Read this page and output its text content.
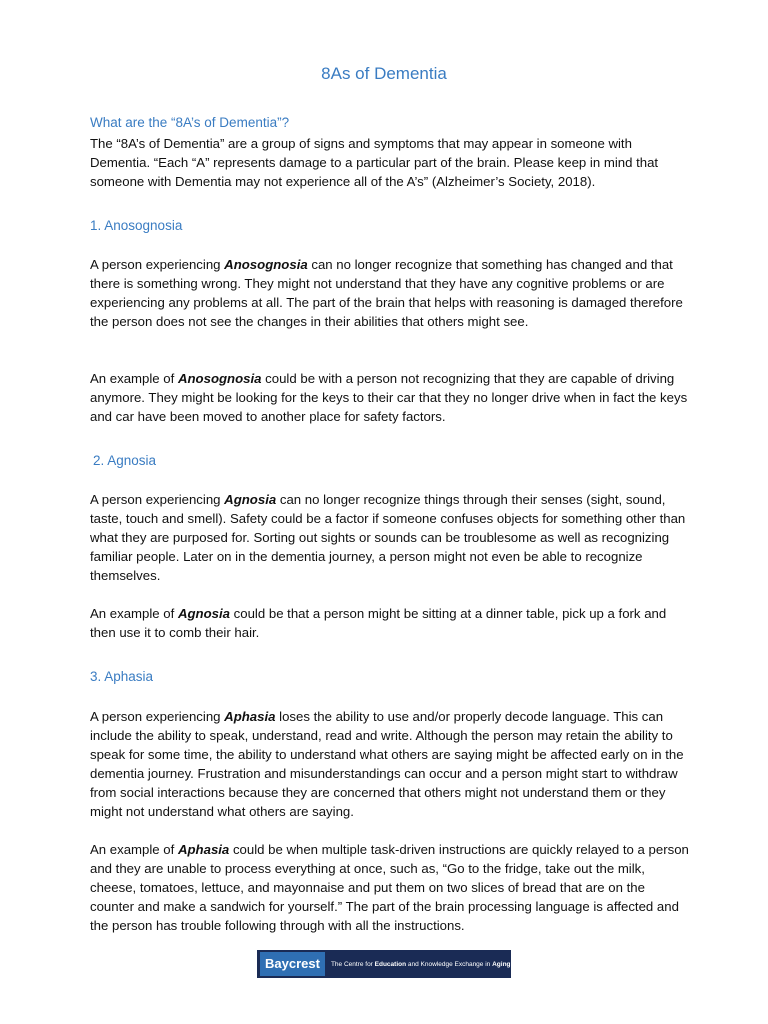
8As of Dementia
What are the “8A’s of Dementia”?

The “8A’s of Dementia” are a group of signs and symptoms that may appear in someone with Dementia. “Each “A” represents damage to a particular part of the brain. Please keep in mind that someone with Dementia may not experience all of the A’s” (Alzheimer’s Society, 2018).

1. Anosognosia

A person experiencing Anosognosia can no longer recognize that something has changed and that there is something wrong. They might not understand that they have any cognitive problems or are experiencing any problems at all. The part of the brain that helps with reasoning is damaged therefore the person does not see the changes in their abilities that others might see.

An example of Anosognosia could be with a person not recognizing that they are capable of driving anymore. They might be looking for the keys to their car that they no longer drive when in fact the keys and car have been moved to another place for safety factors.

2. Agnosia

A person experiencing Agnosia can no longer recognize things through their senses (sight, sound, taste, touch and smell). Safety could be a factor if someone confuses objects for something other than what they are purposed for. Sorting out sights or sounds can be troublesome as well as recognizing familiar people. Later on in the dementia journey, a person might not even be able to recognize themselves.

An example of Agnosia could be that a person might be sitting at a dinner table, pick up a fork and then use it to comb their hair.

3. Aphasia

A person experiencing Aphasia loses the ability to use and/or properly decode language. This can include the ability to speak, understand, read and write. Although the person may retain the ability to speak for some time, the ability to understand what others are saying might be affected early on in the dementia journey. Frustration and misunderstandings can occur and a person might start to withdraw from social interactions because they are concerned that others might not understand them or they might not understand what others are saying.

An example of Aphasia could be when multiple task-driven instructions are quickly relayed to a person and they are unable to process everything at once, such as, “Go to the fridge, take out the milk, cheese, tomatoes, lettuce, and mayonnaise and put them on two slices of bread that are on the counter and make a sandwich for yourself.” The part of the brain processing language is affected and the person has trouble following through with all the instructions.

Baycrest	The Centre for Education and Knowledge Exchange in Aging
